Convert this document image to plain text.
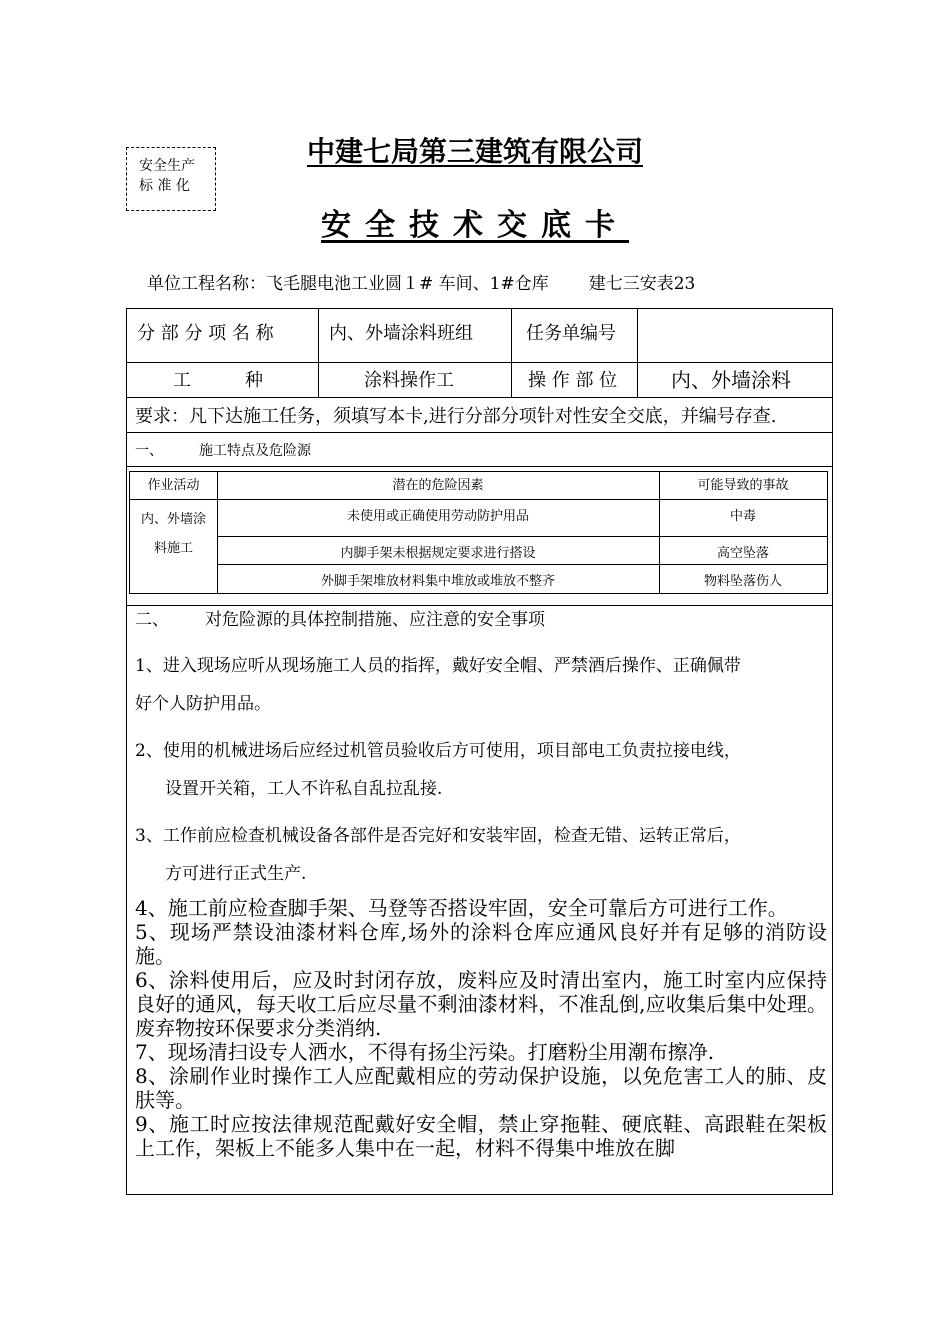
安全生产
标 准 化
中建七局第三建筑有限公司
安全技术交底卡
单位工程名称：飞毛腿电池工业圆１# 车间、1#仓库 建七三安表23
分 部 分 项 名 称	内、外墙涂料班组	任务单编号
工　　　种	涂料操作工	操 作 部 位	内、外墙涂料
要求：凡下达施工任务，须填写本卡,进行分部分项针对性安全交底，并编号存查.
一、	施工特点及危险源
作业活动	潜在的危险因素	可能导致的事故
内、外墙涂
料施工
未使用或正确使用劳动防护用品	中毒
内脚手架未根据规定要求进行搭设	高空坠落
外脚手架堆放材料集中堆放或堆放不整齐	物料坠落伤人
二、 对危险源的具体控制措施、应注意的安全事项
1、进入现场应听从现场施工人员的指挥，戴好安全帽、严禁酒后操作、正确佩带
好个人防护用品。
2、使用的机械进场后应经过机管员验收后方可使用，项目部电工负责拉接电线，
设置开关箱，工人不许私自乱拉乱接.
3、工作前应检查机械设备各部件是否完好和安装牢固，检查无错、运转正常后，
方可进行正式生产.

4、施工前应检查脚手架、马登等否搭设牢固，安全可靠后方可进行工作。

5、现场严禁设油漆材料仓库,场外的涂料仓库应通风良好并有足够的消防设施。

6、涂料使用后，应及时封闭存放，废料应及时清出室内，施工时室内应保持良好的通风，每天收工后应尽量不剩油漆材料，不准乱倒,应收集后集中处理。废弃物按环保要求分类消纳.

7、现场清扫设专人洒水，不得有扬尘污染。打磨粉尘用潮布擦净.

8、涂刷作业时操作工人应配戴相应的劳动保护设施，以免危害工人的肺、皮肤等。

9、施工时应按法律规范配戴好安全帽，禁止穿拖鞋、硬底鞋、高跟鞋在架板上工作，架板上不能多人集中在一起，材料不得集中堆放在脚
